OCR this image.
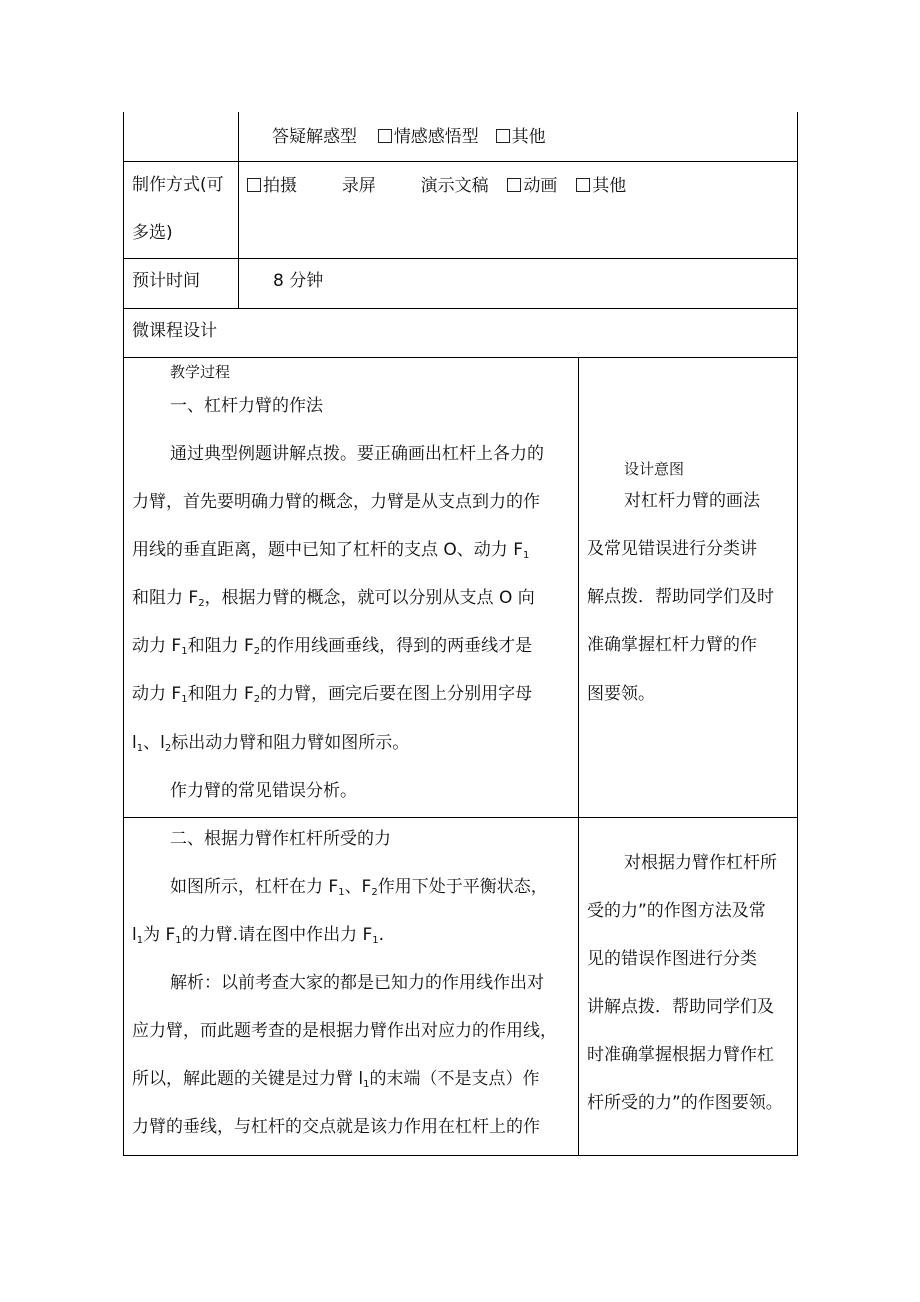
答疑解惑型 情感感悟型 其他
制作方式(可
多选)
拍摄	录屏	演示文稿 动画 其他
预计时间	8 分钟
微课程设计
教学过程
一、杠杆力臂的作法
通过典型例题讲解点拨。要正确画出杠杆上各力的
力臂，首先要明确力臂的概念，力臂是从支点到力的作
用线的垂直距离，题中已知了杠杆的支点 O、动力 $F_1$
和阻力 $F_2$，根据力臂的概念，就可以分别从支点 O 向
动力 $F_1$和阻力 $F_2$的作用线画垂线，得到的两垂线才是
动力 $F_1$和阻力 $F_2$的力臂，画完后要在图上分别用字母
$l_1$、$l_2$标出动力臂和阻力臂如图所示。
作力臂的常见错误分析。
设计意图
对杠杆力臂的画法
及常见错误进行分类讲
解点拨．帮助同学们及时
准确掌握杠杆力臂的作
图要领。
二、根据力臂作杠杆所受的力
如图所示，杠杆在力 $F_1$、$F_2$作用下处于平衡状态，
$l_1$为 $F_1$的力臂.请在图中作出力 $F_1$.
解析：以前考查大家的都是已知力的作用线作出对
应力臂，而此题考查的是根据力臂作出对应力的作用线，
所以，解此题的关键是过力臂 $l_1$的末端（不是支点）作
力臂的垂线，与杠杆的交点就是该力作用在杠杆上的作
对根据力臂作杠杆所
受的力”的作图方法及常
见的错误作图进行分类
讲解点拨．帮助同学们及
时准确掌握根据力臂作杠
杆所受的力”的作图要领。
